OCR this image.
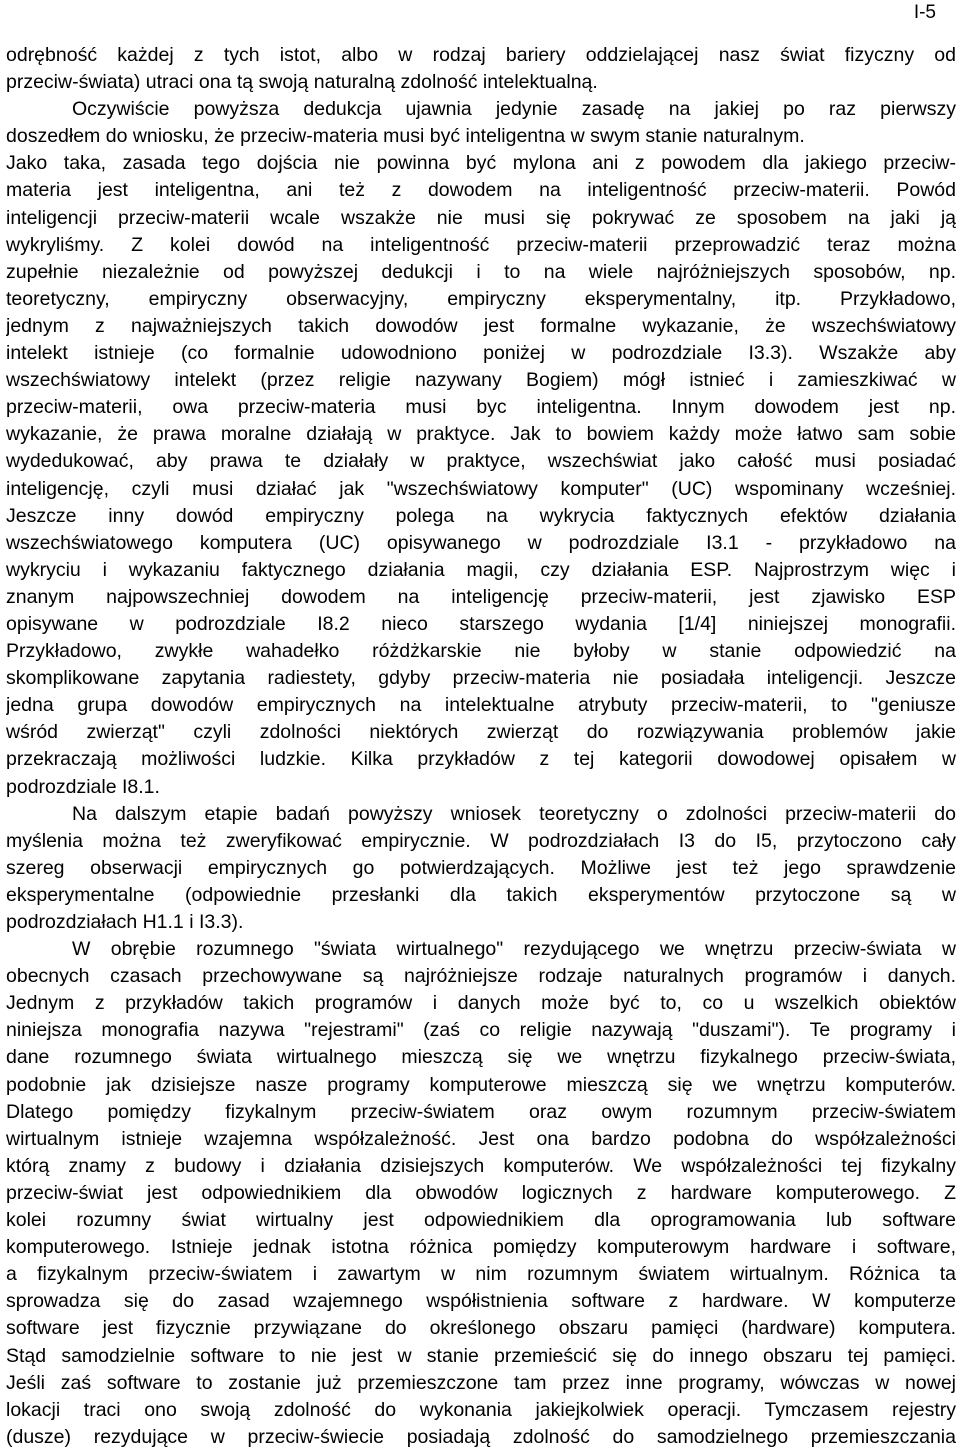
I-5
odrębność każdej z tych istot, albo w rodzaj bariery oddzielającej nasz świat fizyczny od
przeciw-świata) utraci ona tą swoją naturalną zdolność intelektualną.
Oczywiście powyższa dedukcja ujawnia jedynie zasadę na jakiej po raz pierwszy
doszedłem do wniosku, że przeciw-materia musi być inteligentna w swym stanie naturalnym.
Jako taka, zasada tego dojścia nie powinna być mylona ani z powodem dla jakiego przeciw-
materia jest inteligentna, ani też z dowodem na inteligentność przeciw-materii. Powód
inteligencji przeciw-materii wcale wszakże nie musi się pokrywać ze sposobem na jaki ją
wykryliśmy. Z kolei dowód na inteligentność przeciw-materii przeprowadzić teraz można
zupełnie niezależnie od powyższej dedukcji i to na wiele najróżniejszych sposobów, np.
teoretyczny, empiryczny obserwacyjny, empiryczny eksperymentalny, itp. Przykładowo,
jednym z najważniejszych takich dowodów jest formalne wykazanie, że wszechświatowy
intelekt istnieje (co formalnie udowodniono poniżej w podrozdziale I3.3). Wszakże aby
wszechświatowy intelekt (przez religie nazywany Bogiem) mógł istnieć i zamieszkiwać w
przeciw-materii, owa przeciw-materia musi byc inteligentna. Innym dowodem jest np.
wykazanie, że prawa moralne działają w praktyce. Jak to bowiem każdy może łatwo sam sobie
wydedukować, aby prawa te działały w praktyce, wszechświat jako całość musi posiadać
inteligencję, czyli musi działać jak "wszechświatowy komputer" (UC) wspominany wcześniej.
Jeszcze inny dowód empiryczny polega na wykrycia faktycznych efektów działania
wszechświatowego komputera (UC) opisywanego w podrozdziale I3.1 - przykładowo na
wykryciu i wykazaniu faktycznego działania magii, czy działania ESP. Najprostrzym więc i
znanym najpowszechniej dowodem na inteligencję przeciw-materii, jest zjawisko ESP
opisywane w podrozdziale I8.2 nieco starszego wydania [1/4] niniejszej monografii.
Przykładowo, zwykłe wahadełko różdżkarskie nie byłoby w stanie odpowiedzić na
skomplikowane zapytania radiestety, gdyby przeciw-materia nie posiadała inteligencji. Jeszcze
jedna grupa dowodów empirycznych na intelektualne atrybuty przeciw-materii, to "geniusze
wśród zwierząt" czyli zdolności niektórych zwierząt do rozwiązywania problemów jakie
przekraczają możliwości ludzkie. Kilka przykładów z tej kategorii dowodowej opisałem w
podrozdziale I8.1.
Na dalszym etapie badań powyższy wniosek teoretyczny o zdolności przeciw-materii do
myślenia można też zweryfikować empirycznie. W podrozdziałach I3 do I5, przytoczono cały
szereg obserwacji empirycznych go potwierdzających. Możliwe jest też jego sprawdzenie
eksperymentalne (odpowiednie przesłanki dla takich eksperymentów przytoczone są w
podrozdziałach H1.1 i I3.3).
W obrębie rozumnego "świata wirtualnego" rezydującego we wnętrzu przeciw-świata w
obecnych czasach przechowywane są najróżniejsze rodzaje naturalnych programów i danych.
Jednym z przykładów takich programów i danych może być to, co u wszelkich obiektów
niniejsza monografia nazywa "rejestrami" (zaś co religie nazywają "duszami"). Te programy i
dane rozumnego świata wirtualnego mieszczą się we wnętrzu fizykalnego przeciw-świata,
podobnie jak dzisiejsze nasze programy komputerowe mieszczą się we wnętrzu komputerów.
Dlatego pomiędzy fizykalnym przeciw-światem oraz owym rozumnym przeciw-światem
wirtualnym istnieje wzajemna współzależność. Jest ona bardzo podobna do współzależności
którą znamy z budowy i działania dzisiejszych komputerów. We współzależności tej fizykalny
przeciw-świat jest odpowiednikiem dla obwodów logicznych z hardware komputerowego. Z
kolei rozumny świat wirtualny jest odpowiednikiem dla oprogramowania lub software
komputerowego. Istnieje jednak istotna różnica pomiędzy komputerowym hardware i software,
a fizykalnym przeciw-światem i zawartym w nim rozumnym światem wirtualnym. Różnica ta
sprowadza się do zasad wzajemnego współistnienia software z hardware. W komputerze
software jest fizycznie przywiązane do określonego obszaru pamięci (hardware) komputera.
Stąd samodzielnie software to nie jest w stanie przemieścić się do innego obszaru tej pamięci.
Jeśli zaś software to zostanie już przemieszczone tam przez inne programy, wówczas w nowej
lokacji traci ono swoją zdolność do wykonania jakiejkolwiek operacji. Tymczasem rejestry
(dusze) rezydujące w przeciw-świecie posiadają zdolność do samodzielnego przemieszczania
